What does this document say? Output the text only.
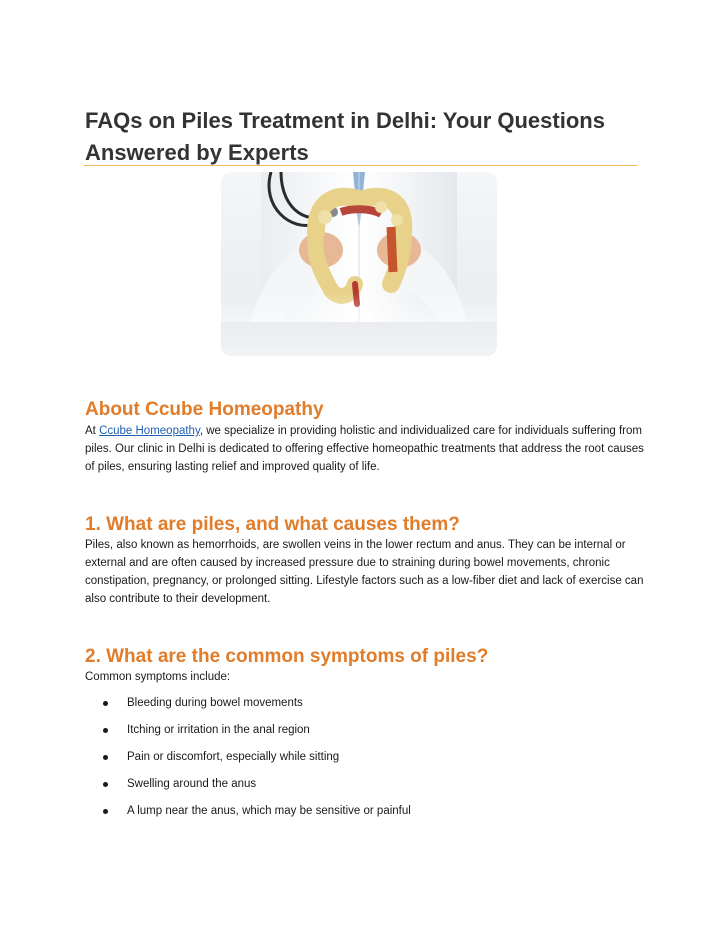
FAQs on Piles Treatment in Delhi: Your Questions Answered by Experts
About Ccube Homeopathy

At Ccube Homeopathy, we specialize in providing holistic and individualized care for individuals suffering from piles. Our clinic in Delhi is dedicated to offering effective homeopathic treatments that address the root causes of piles, ensuring lasting relief and improved quality of life.

1. What are piles, and what causes them?

Piles, also known as hemorrhoids, are swollen veins in the lower rectum and anus. They can be internal or external and are often caused by increased pressure due to straining during bowel movements, chronic constipation, pregnancy, or prolonged sitting. Lifestyle factors such as a low-fiber diet and lack of exercise can also contribute to their development.

2. What are the common symptoms of piles?

Common symptoms include:

Bleeding during bowel movements
Itching or irritation in the anal region
Pain or discomfort, especially while sitting
Swelling around the anus
A lump near the anus, which may be sensitive or painful
